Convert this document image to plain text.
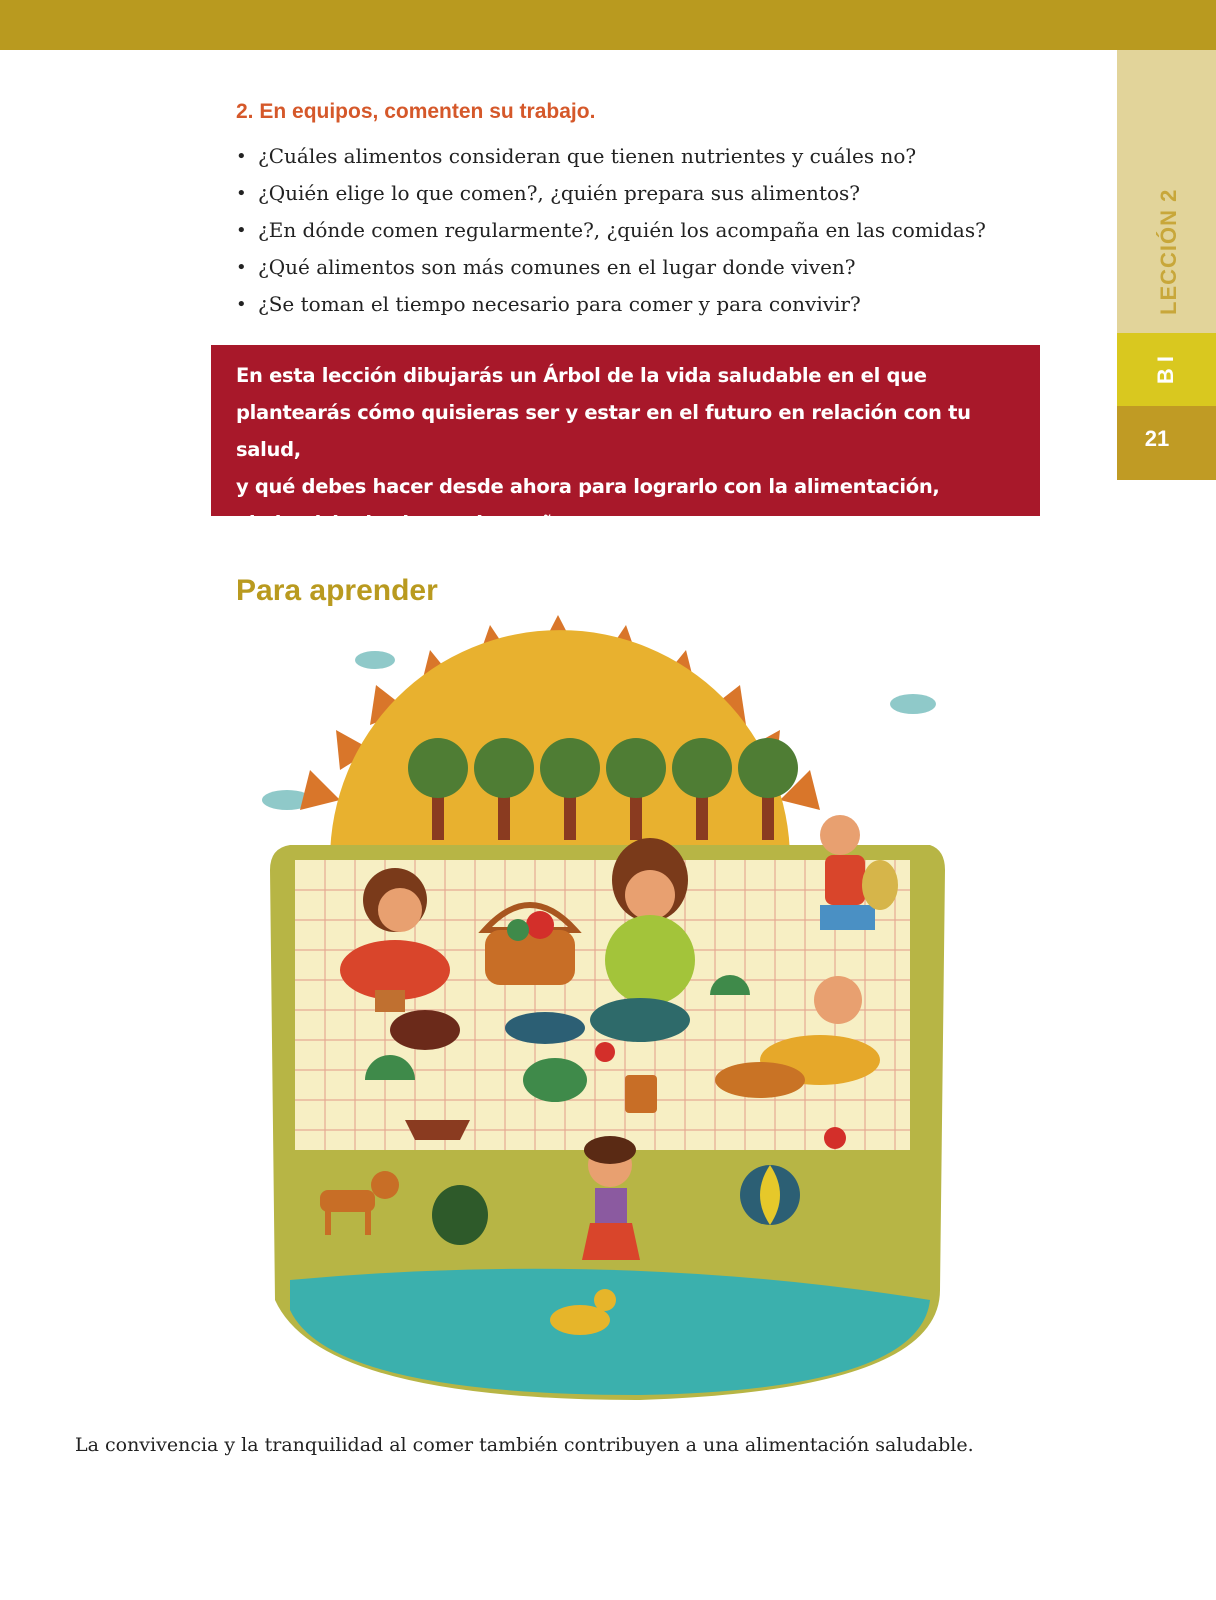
LECCIÓN 2
B I
21
2. En equipos, comenten su trabajo.
• ¿Cuáles alimentos consideran que tienen nutrientes y cuáles no?
• ¿Quién elige lo que comen?, ¿quién prepara sus alimentos?
• ¿En dónde comen regularmente?, ¿quién los acompaña en las comidas?
• ¿Qué alimentos son más comunes en el lugar donde viven?
• ¿Se toman el tiempo necesario para comer y para convivir?
En esta lección dibujarás un Árbol de la vida saludable en el que
plantearás cómo quisieras ser y estar en el futuro en relación con tu salud,
y qué debes hacer desde ahora para lograrlo con la alimentación,
el ejercicio, las horas de sueño, entre otros aspectos.
Para aprender
La convivencia y la tranquilidad al comer también contribuyen a una alimentación saludable.
